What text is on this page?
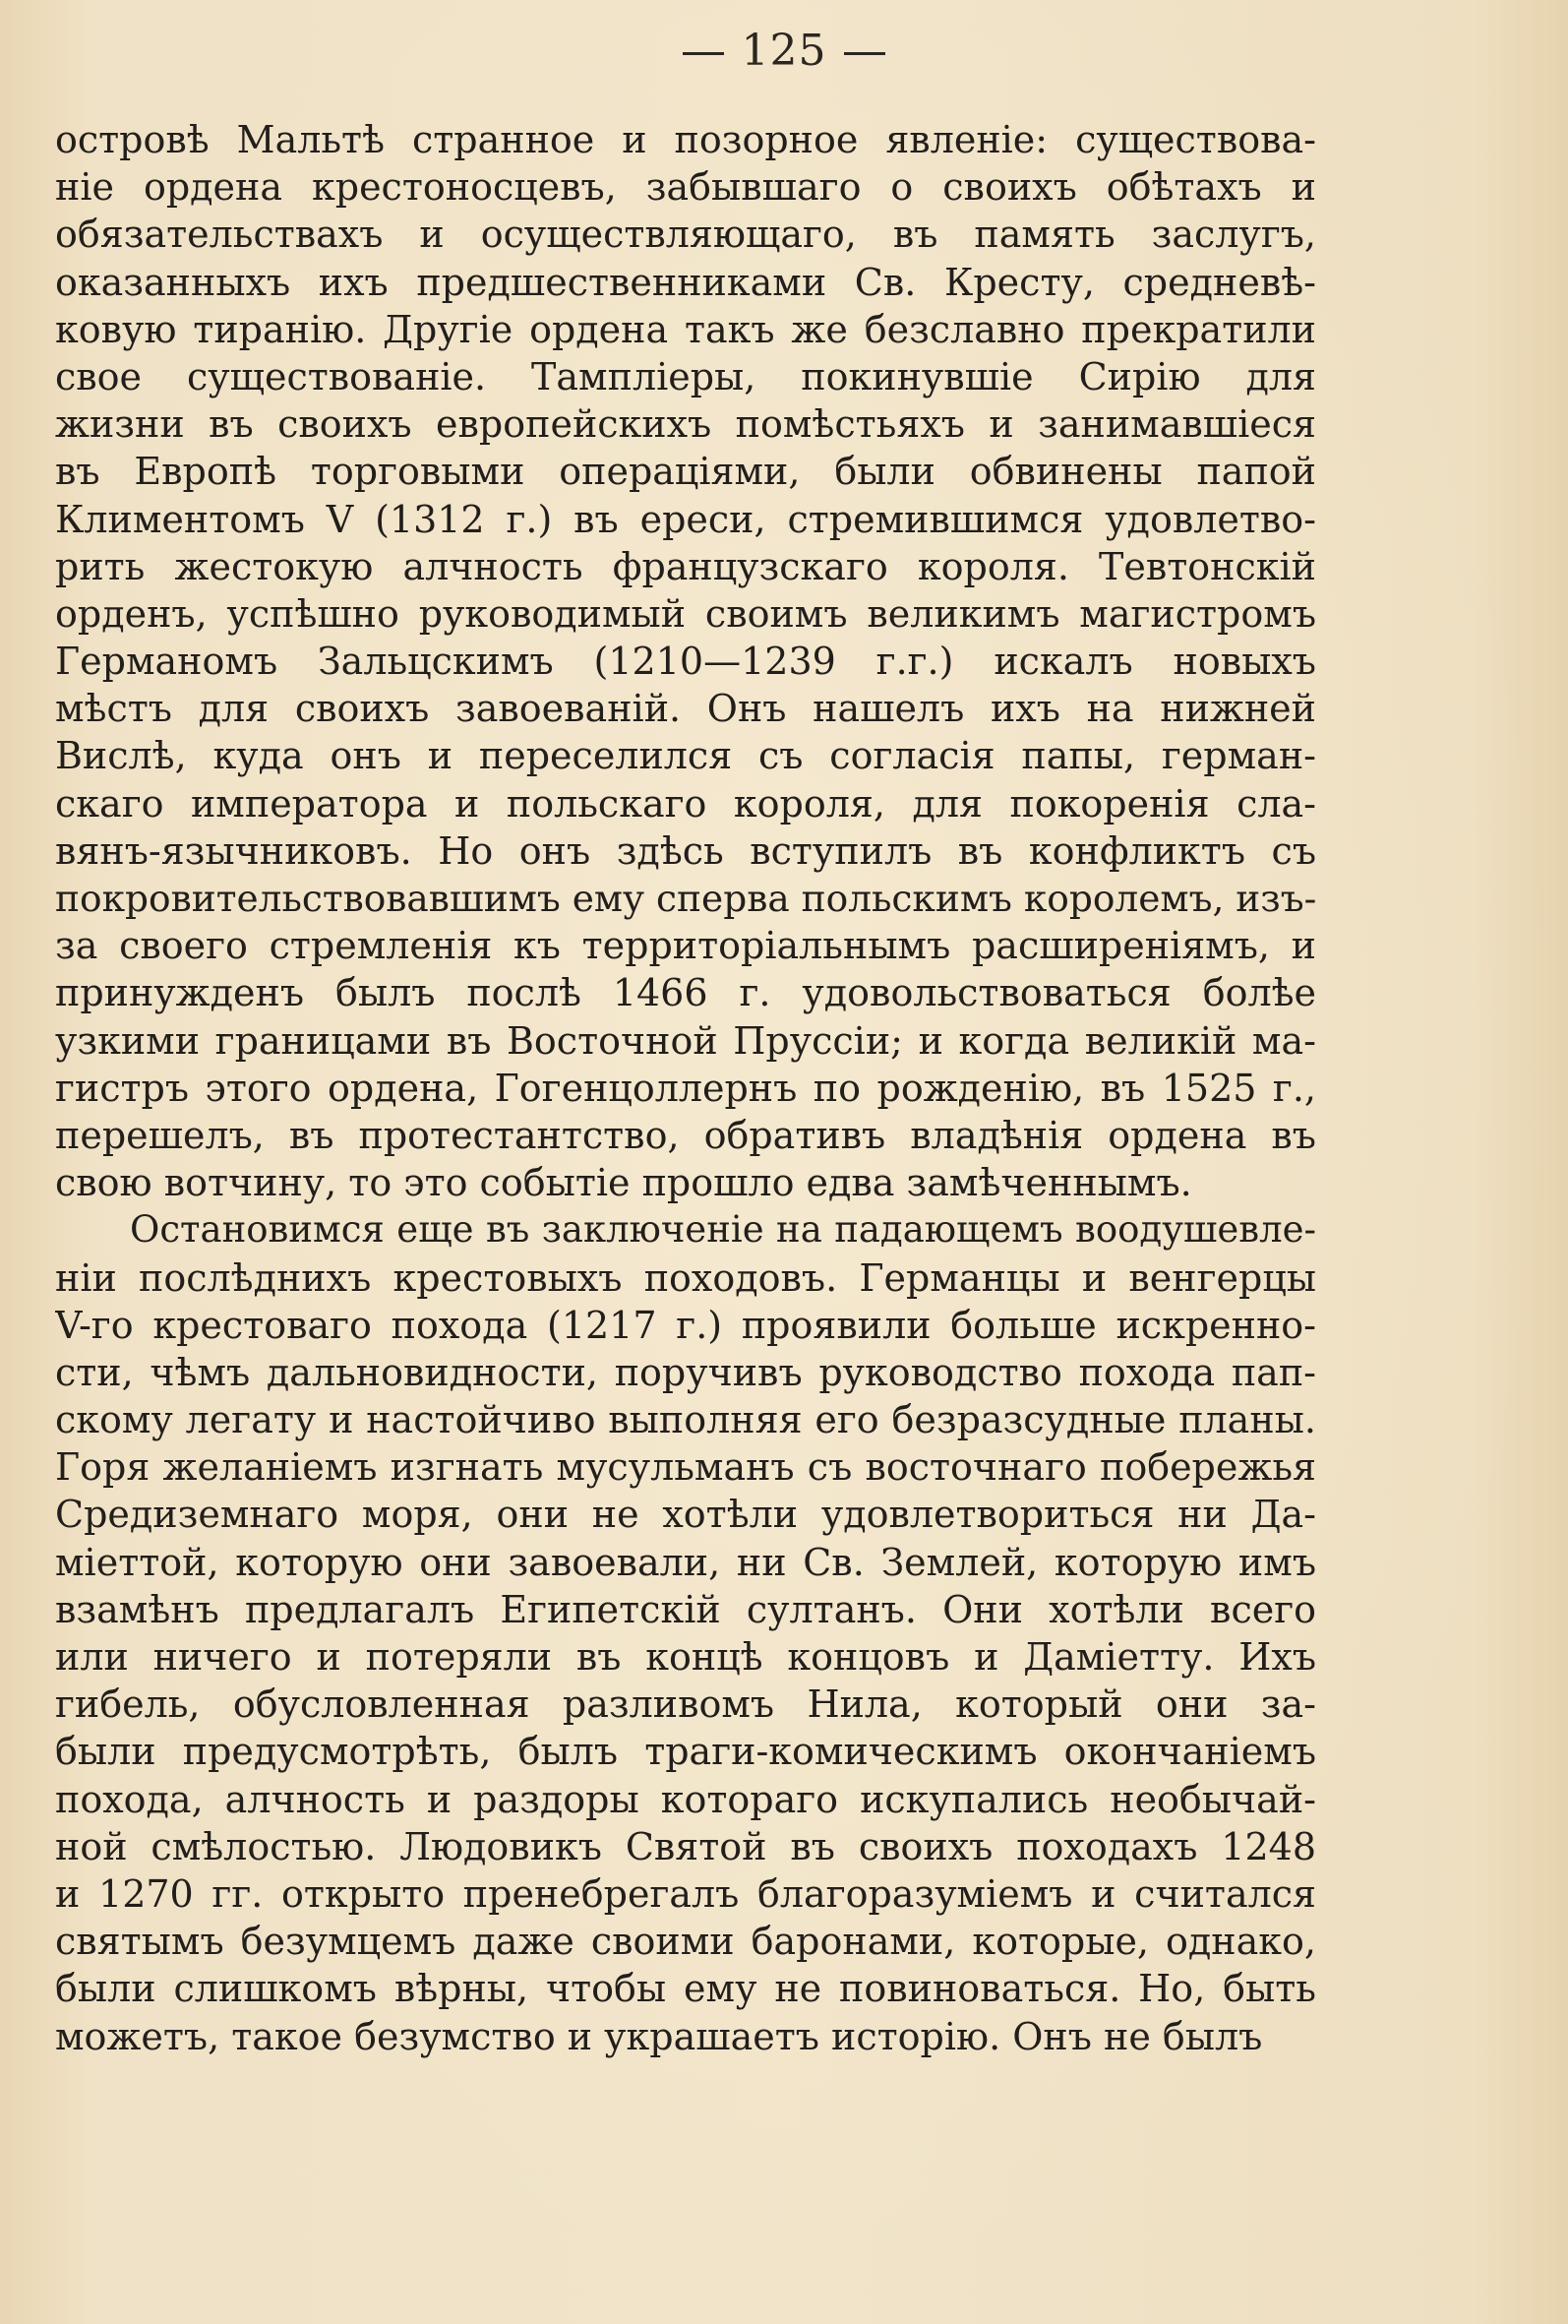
125
островѣ Мальтѣ странное и позорное явленіе: существова-
ніе ордена крестоносцевъ, забывшаго о своихъ обѣтахъ и
обязательствахъ и осуществляющаго, въ память заслугъ,
оказанныхъ ихъ предшественниками Св. Кресту, средневѣ-
ковую тиранію. Другіе ордена такъ же безславно прекратили
свое существованіе. Тампліеры, покинувшіе Сирію для
жизни въ своихъ европейскихъ помѣстьяхъ и занимавшіеся
въ Европѣ торговыми операціями, были обвинены папой
Климентомъ V (1312 г.) въ ереси, стремившимся удовлетво-
рить жестокую алчность французскаго короля. Тевтонскій
орденъ, успѣшно руководимый своимъ великимъ магистромъ
Германомъ Зальцскимъ (1210—1239 г.г.) искалъ новыхъ
мѣстъ для своихъ завоеваній. Онъ нашелъ ихъ на нижней
Вислѣ, куда онъ и переселился съ согласія папы, герман-
скаго императора и польскаго короля, для покоренія сла-
вянъ-язычниковъ. Но онъ здѣсь вступилъ въ конфликтъ съ
покровительствовавшимъ ему сперва польскимъ королемъ, изъ-
за своего стремленія къ территоріальнымъ расширеніямъ, и
принужденъ былъ послѣ 1466 г. удовольствоваться болѣе
узкими границами въ Восточной Пруссіи; и когда великій ма-
гистръ этого ордена, Гогенцоллернъ по рожденію, въ 1525 г.,
перешелъ, въ протестантство, обративъ владѣнія ордена въ
свою вотчину, то это событіе прошло едва замѣченнымъ.
Остановимся еще въ заключеніе на падающемъ воодушевле-
ніи послѣднихъ крестовыхъ походовъ. Германцы и венгерцы
V-го крестоваго похода (1217 г.) проявили больше искренно-
сти, чѣмъ дальновидности, поручивъ руководство похода пап-
скому легату и настойчиво выполняя его безразсудные планы.
Горя желаніемъ изгнать мусульманъ съ восточнаго побережья
Средиземнаго моря, они не хотѣли удовлетвориться ни Да-
міеттой, которую они завоевали, ни Св. Землей, которую имъ
взамѣнъ предлагалъ Египетскій султанъ. Они хотѣли всего
или ничего и потеряли въ концѣ концовъ и Даміетту. Ихъ
гибель, обусловленная разливомъ Нила, который они за-
были предусмотрѣть, былъ траги-комическимъ окончаніемъ
похода, алчность и раздоры котораго искупались необычай-
ной смѣлостью. Людовикъ Святой въ своихъ походахъ 1248
и 1270 гг. открыто пренебрегалъ благоразуміемъ и считался
святымъ безумцемъ даже своими баронами, которые, однако,
были слишкомъ вѣрны, чтобы ему не повиноваться. Но, быть
можетъ, такое безумство и украшаетъ исторію. Онъ не былъ
